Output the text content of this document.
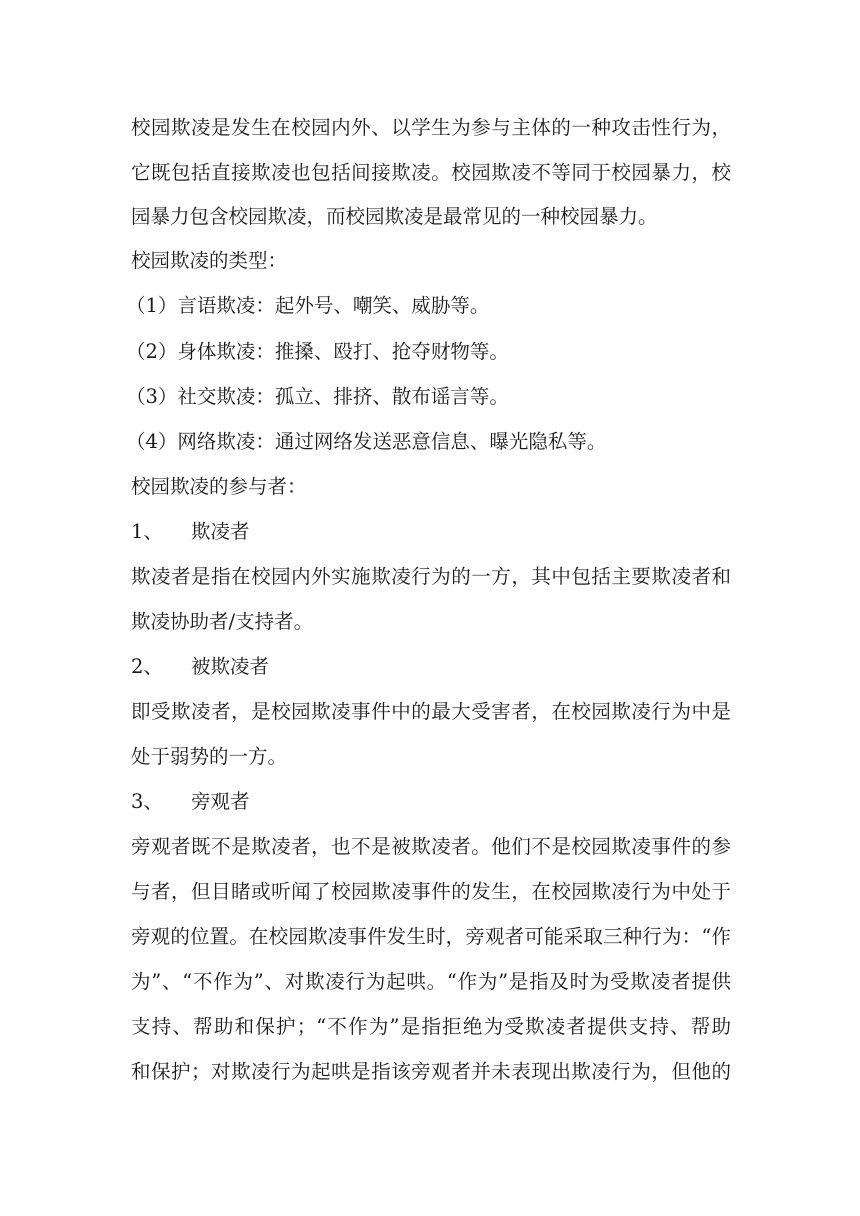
校园欺凌是发生在校园内外、以学生为参与主体的一种攻击性行为，
它既包括直接欺凌也包括间接欺凌。校园欺凌不等同于校园暴力，校
园暴力包含校园欺凌，而校园欺凌是最常见的一种校园暴力。
校园欺凌的类型：
（1）言语欺凌：起外号、嘲笑、威胁等。
（2）身体欺凌：推搡、殴打、抢夺财物等。
（3）社交欺凌：孤立、排挤、散布谣言等。
（4）网络欺凌：通过网络发送恶意信息、曝光隐私等。
校园欺凌的参与者：
1、 欺凌者
欺凌者是指在校园内外实施欺凌行为的一方，其中包括主要欺凌者和
欺凌协助者/支持者。
2、 被欺凌者
即受欺凌者，是校园欺凌事件中的最大受害者，在校园欺凌行为中是
处于弱势的一方。
3、 旁观者
旁观者既不是欺凌者，也不是被欺凌者。他们不是校园欺凌事件的参
与者，但目睹或听闻了校园欺凌事件的发生，在校园欺凌行为中处于
旁观的位置。在校园欺凌事件发生时，旁观者可能采取三种行为：“作
为”、“不作为”、对欺凌行为起哄。“作为”是指及时为受欺凌者提供
支持、帮助和保护；“不作为”是指拒绝为受欺凌者提供支持、帮助
和保护；对欺凌行为起哄是指该旁观者并未表现出欺凌行为，但他的
